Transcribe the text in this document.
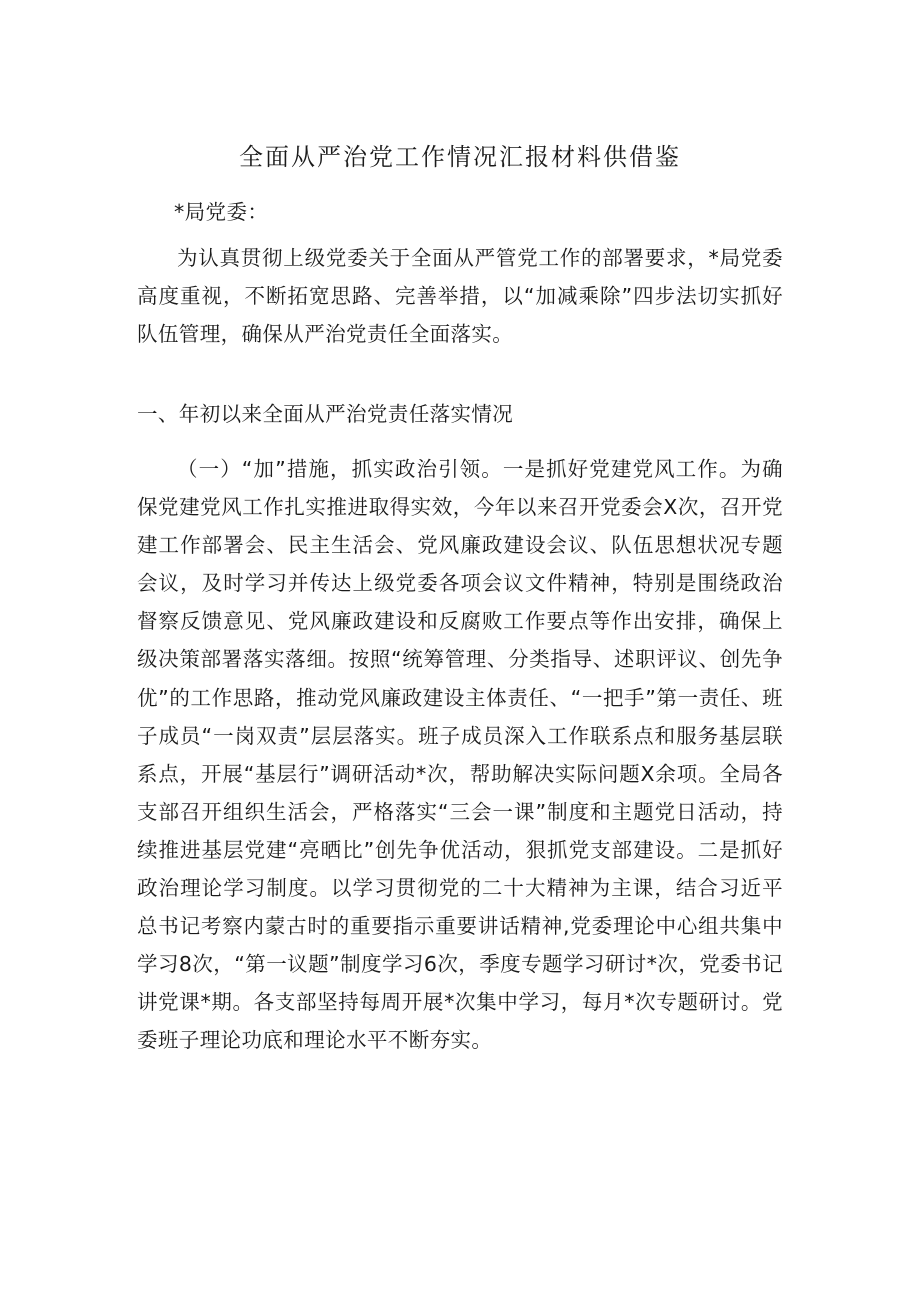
全面从严治党工作情况汇报材料供借鉴

*局党委：

为认真贯彻上级党委关于全面从严管党工作的部署要求，*局党委高度重视，不断拓宽思路、完善举措，以“加减乘除”四步法切实抓好队伍管理，确保从严治党责任全面落实。

一、年初以来全面从严治党责任落实情况

（一）“加”措施，抓实政治引领。一是抓好党建党风工作。为确保党建党风工作扎实推进取得实效，今年以来召开党委会X次，召开党建工作部署会、民主生活会、党风廉政建设会议、队伍思想状况专题会议，及时学习并传达上级党委各项会议文件精神，特别是围绕政治督察反馈意见、党风廉政建设和反腐败工作要点等作出安排，确保上级决策部署落实落细。按照“统筹管理、分类指导、述职评议、创先争优”的工作思路，推动党风廉政建设主体责任、“一把手”第一责任、班子成员“一岗双责”层层落实。班子成员深入工作联系点和服务基层联系点，开展“基层行”调研活动*次，帮助解决实际问题X余项。全局各支部召开组织生活会，严格落实“三会一课”制度和主题党日活动，持续推进基层党建“亮晒比”创先争优活动，狠抓党支部建设。二是抓好政治理论学习制度。以学习贯彻党的二十大精神为主课，结合习近平总书记考察内蒙古时的重要指示重要讲话精神,党委理论中心组共集中学习8次，“第一议题”制度学习6次，季度专题学习研讨*次，党委书记讲党课*期。各支部坚持每周开展*次集中学习，每月*次专题研讨。党委班子理论功底和理论水平不断夯实。
